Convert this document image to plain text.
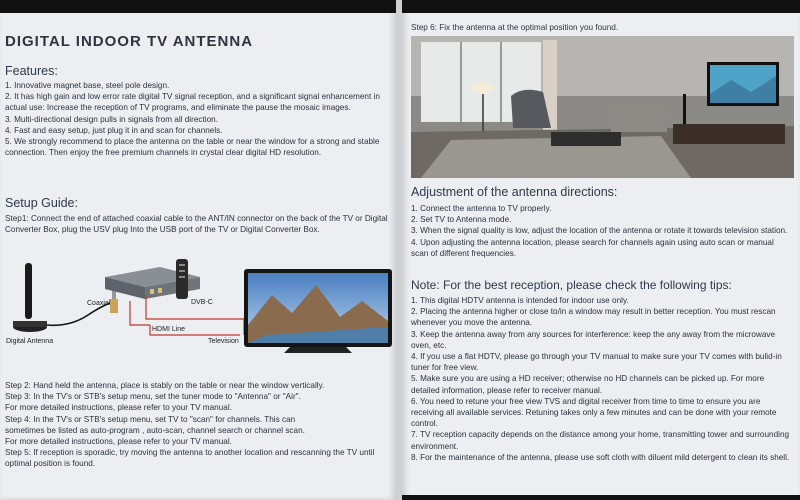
DIGITAL INDOOR TV ANTENNA
Features:

1. Innovative magnet base, steel pole design.

2. It has high gain and low error rate digital TV signal reception, and a significant signal enhancement in actual use: Increase the reception of TV programs, and eliminate the pause the mosaic images.

3. Multi-directional design pulls in signals from all direction.

4. Fast and easy setup, just plug it in and scan for channels.

5. We strongly recommend to place the antenna on the table or near the window for a strong and stable connection. Then enjoy the free premium channels in crystal clear digital HD resolution.

Setup Guide:
Step1: Connect the end of attached coaxial cable to the ANT/IN connector on the back of the TV or Digital Converter Box, plug the USV plug Into the USB port of the TV or Digital Converter Box.
Digital Antenna
Coaxial	DVB-C
HDMI Line
Television

Step 2: Hand held the antenna, place is stably on the table or near the window vertically.

Step 3: In the TV's or STB's setup menu, set the tuner mode to "Antenna" or "Air".

For more detailed instructions, please refer to your TV manual.

Step 4: In the TV's or STB's setup menu, set TV to "scan" for channels. This can

sometimes be listed as auto-program , auto-scan, channel search or channel scan.

For more detailed instructions, please refer to your TV manual.

Step 5: If reception is sporadic, try moving the antenna to another location and rescanning the TV until optimal position is found.

Step 6: Fix the antenna at the optimal position you found.
Adjustment of the antenna directions:

1. Connect the antenna to TV properly.

2. Set TV to Antenna mode.

3. When the signal quality is low, adjust the location of the antenna or rotate it towards television station.

4. Upon adjusting the antenna location, please search for channels again using auto scan or manual scan of different frequencies.

Note: For the best reception, please check the following tips:

1. This digital HDTV antenna is intended for indoor use only.

2. Placing the antenna higher or close to/in a window may result in better reception. You must rescan whenever you move the antenna.

3. Keep the antenna away from any sources for interference: keep the any away from the microwave oven, etc.

4. If you use a flat HDTV, please go through your TV manual to make sure your TV comes with bulid-in tuner for free view.

5. Make sure you are using a HD receiver; otherwise no HD channels can be picked up. For more detailed information, please refer to receiver manual.

6. You need to retune your free view TVS and digital receiver from time to time to ensure you are receiving all available services. Retuning takes only a few minutes and can be done with your remote control.

7. TV reception capacity depends on the distance among your home, transmitting tower and surrounding environment.

8. For the maintenance of the antenna, please use soft cloth with diluent mild detergent to clean its shell.
